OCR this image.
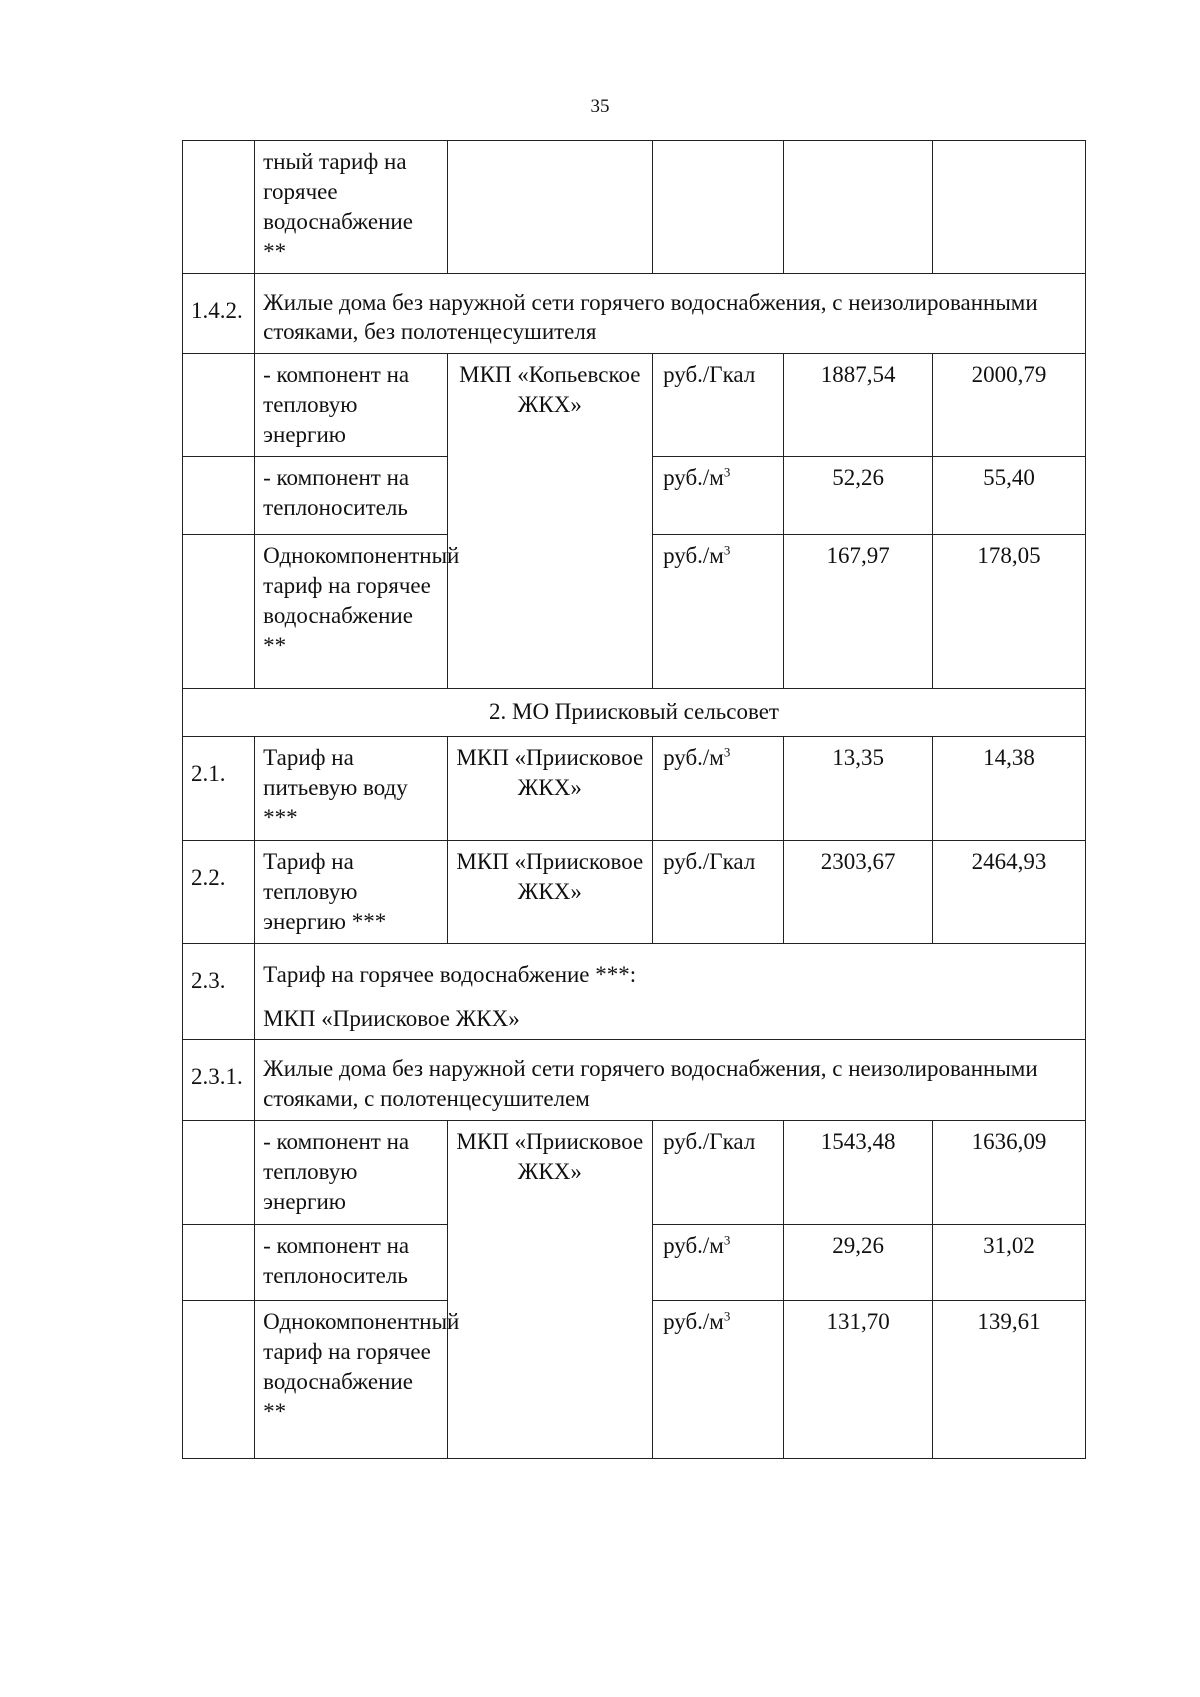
35
	тный тариф на горячее водоснабжение **				
1.4.2.	Жилые дома без наружной сети горячего водоснабжения, с неизолированными стояками, без полотенцесушителя				
	- компонент на тепловую энергию	МКП «Копьевское ЖКХ»	руб./Гкал	1887,54	2000,79
	- компонент на теплоноситель		$руб./м^3$	52,26	55,40
	Однокомпонентный тариф на горячее водоснабжение **		$руб./м^3$	167,97	178,05
2. МО Приисковый сельсовет					
2.1.	Тариф на питьевую воду ***	МКП «Приисковое ЖКХ»	$руб./м^3$	13,35	14,38
2.2.	Тариф на тепловую энергию ***	МКП «Приисковое ЖКХ»	руб./Гкал	2303,67	2464,93
2.3.	Тариф на горячее водоснабжение ***:
МКП «Приисковое ЖКХ»				

2.3.1.	Жилые дома без наружной сети горячего водоснабжения, с неизолированными стояками, с полотенцесушителем				
	- компонент на тепловую энергию	МКП «Приисковое ЖКХ»	руб./Гкал	1543,48	1636,09
	- компонент на теплоноситель		$руб./м^3$	29,26	31,02
	Однокомпонентный тариф на горячее водоснабжение **		$руб./м^3$	131,70	139,61
